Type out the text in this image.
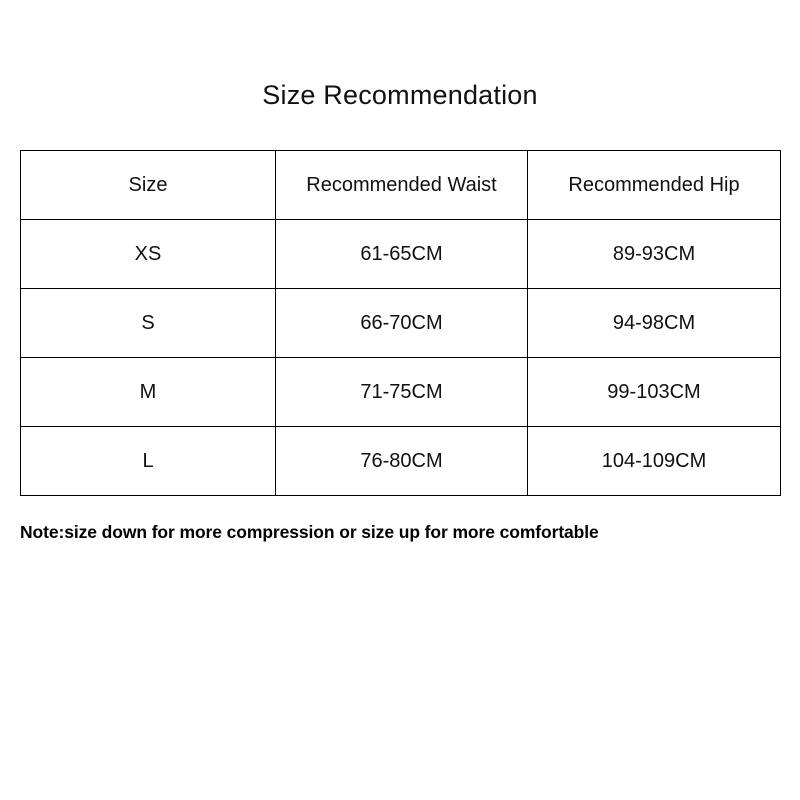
Size Recommendation
Size	Recommended Waist	Recommended Hip
XS	61-65CM	89-93CM
S	66-70CM	94-98CM
M	71-75CM	99-103CM
L	76-80CM	104-109CM

Note:size down for more compression or size up for more comfortable
